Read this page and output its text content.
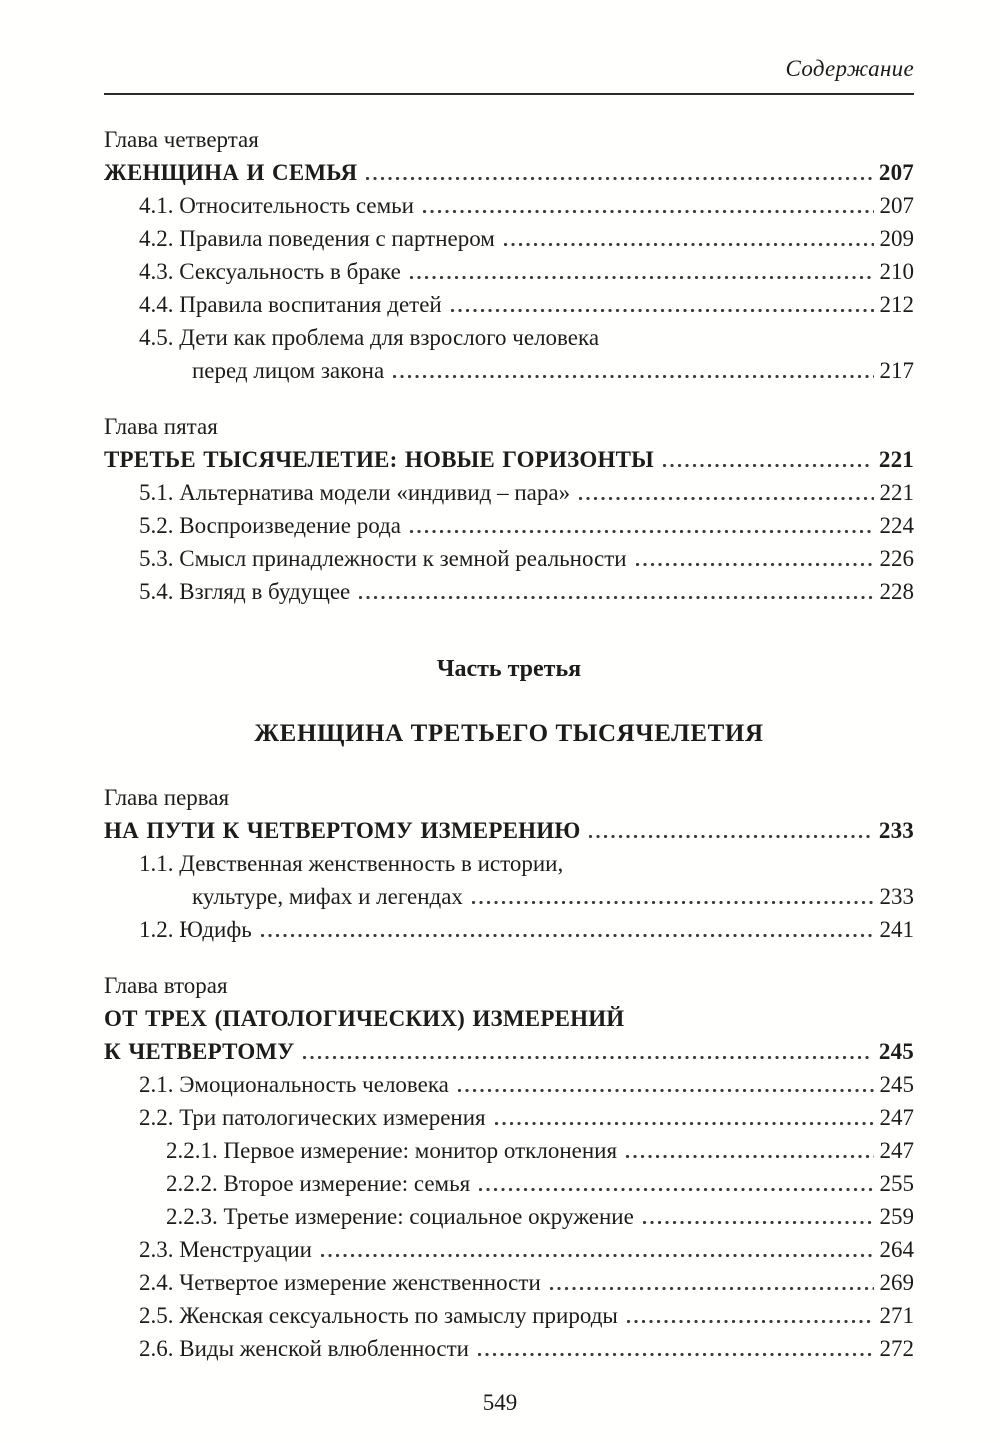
Содержание
Глава четвертая
ЖЕНЩИНА И СЕМЬЯ	207
4.1. Относительность семьи	207
4.2. Правила поведения с партнером	209
4.3. Сексуальность в браке	210
4.4. Правила воспитания детей	212
4.5. Дети как проблема для взрослого человека
перед лицом закона	217
Глава пятая
ТРЕТЬЕ ТЫСЯЧЕЛЕТИЕ: НОВЫЕ ГОРИЗОНТЫ	221
5.1. Альтернатива модели «индивид – пара»	221
5.2. Воспроизведение рода	224
5.3. Смысл принадлежности к земной реальности	226
5.4. Взгляд в будущее	228
Часть третья
ЖЕНЩИНА ТРЕТЬЕГО ТЫСЯЧЕЛЕТИЯ
Глава первая
НА ПУТИ К ЧЕТВЕРТОМУ ИЗМЕРЕНИЮ	233
1.1. Девственная женственность в истории,
культуре, мифах и легендах	233
1.2. Юдифь	241
Глава вторая
ОТ ТРЕХ (ПАТОЛОГИЧЕСКИХ) ИЗМЕРЕНИЙ
К ЧЕТВЕРТОМУ	245
2.1. Эмоциональность человека	245
2.2. Три патологических измерения	247
2.2.1. Первое измерение: монитор отклонения	247
2.2.2. Второе измерение: семья	255
2.2.3. Третье измерение: социальное окружение	259
2.3. Менструации	264
2.4. Четвертое измерение женственности	269
2.5. Женская сексуальность по замыслу природы	271
2.6. Виды женской влюбленности	272
549
